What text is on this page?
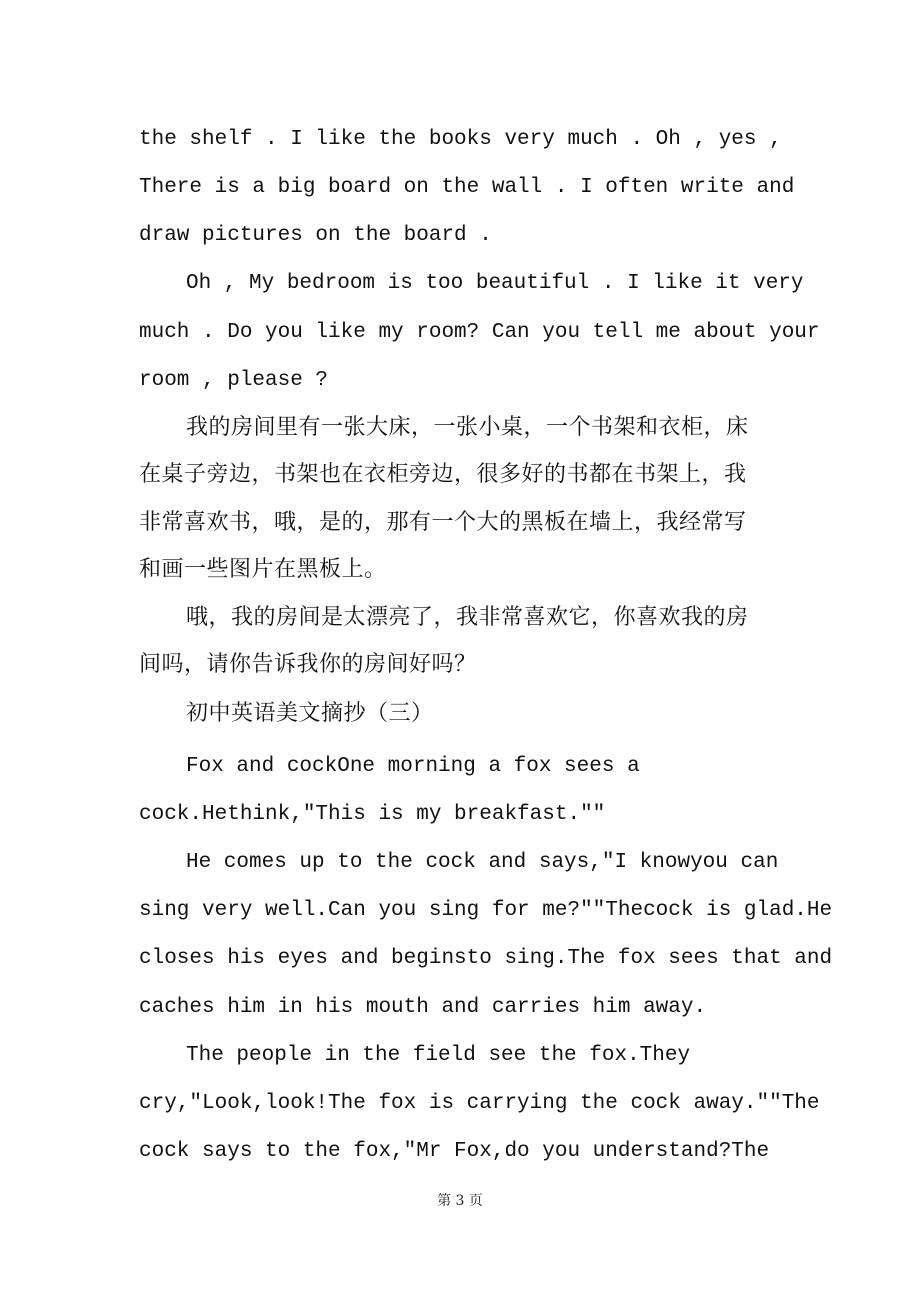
the shelf . I like the books very much . Oh , yes ,
There is a big board on the wall . I often write and
draw pictures on the board .
Oh , My bedroom is too beautiful . I like it very
much . Do you like my room? Can you tell me about your
room , please ?
我的房间里有一张大床，一张小桌，一个书架和衣柜，床
在桌子旁边，书架也在衣柜旁边，很多好的书都在书架上，我
非常喜欢书，哦，是的，那有一个大的黑板在墙上，我经常写
和画一些图片在黑板上。
哦，我的房间是太漂亮了，我非常喜欢它，你喜欢我的房
间吗，请你告诉我你的房间好吗？
初中英语美文摘抄（三）
Fox and cockOne morning a fox sees a
cock.Hethink,"This is my breakfast.""
He comes up to the cock and says,"I knowyou can
sing very well.Can you sing for me?""Thecock is glad.He
closes his eyes and beginsto sing.The fox sees that and
caches him in his mouth and carries him away.
The people in the field see the fox.They
cry,"Look,look!The fox is carrying the cock away.""The
cock says to the fox,"Mr Fox,do you understand?The
第 3 页
